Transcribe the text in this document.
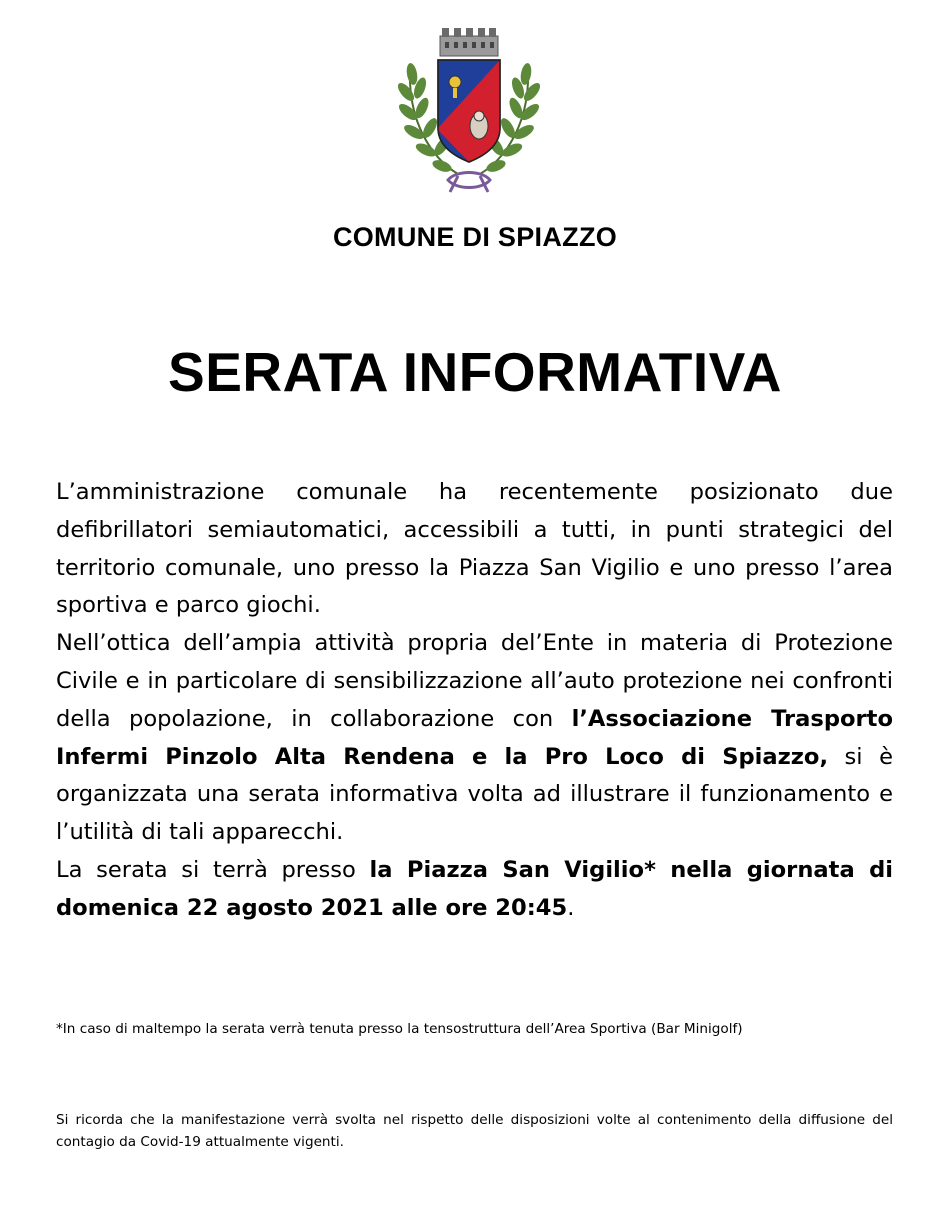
COMUNE DI SPIAZZO
SERATA INFORMATIVA

L’amministrazione comunale ha recentemente posizionato due defibrillatori semiautomatici, accessibili a tutti, in punti strategici del territorio comunale, uno presso la Piazza San Vigilio e uno presso l’area sportiva e parco giochi.

Nell’ottica dell’ampia attività propria del’Ente in materia di Protezione Civile e in particolare di sensibilizzazione all’auto protezione nei confronti della popolazione, in collaborazione con l’Associazione Trasporto Infermi Pinzolo Alta Rendena e la Pro Loco di Spiazzo, si è organizzata una serata informativa volta ad illustrare il funzionamento e l’utilità di tali apparecchi.

La serata si terrà presso la Piazza San Vigilio* nella giornata di domenica 22 agosto 2021 alle ore 20:45.

*In caso di maltempo la serata verrà tenuta presso la tensostruttura dell’Area Sportiva (Bar Minigolf)
Si ricorda che la manifestazione verrà svolta nel rispetto delle disposizioni volte al contenimento della diffusione del contagio da Covid-19 attualmente vigenti.
